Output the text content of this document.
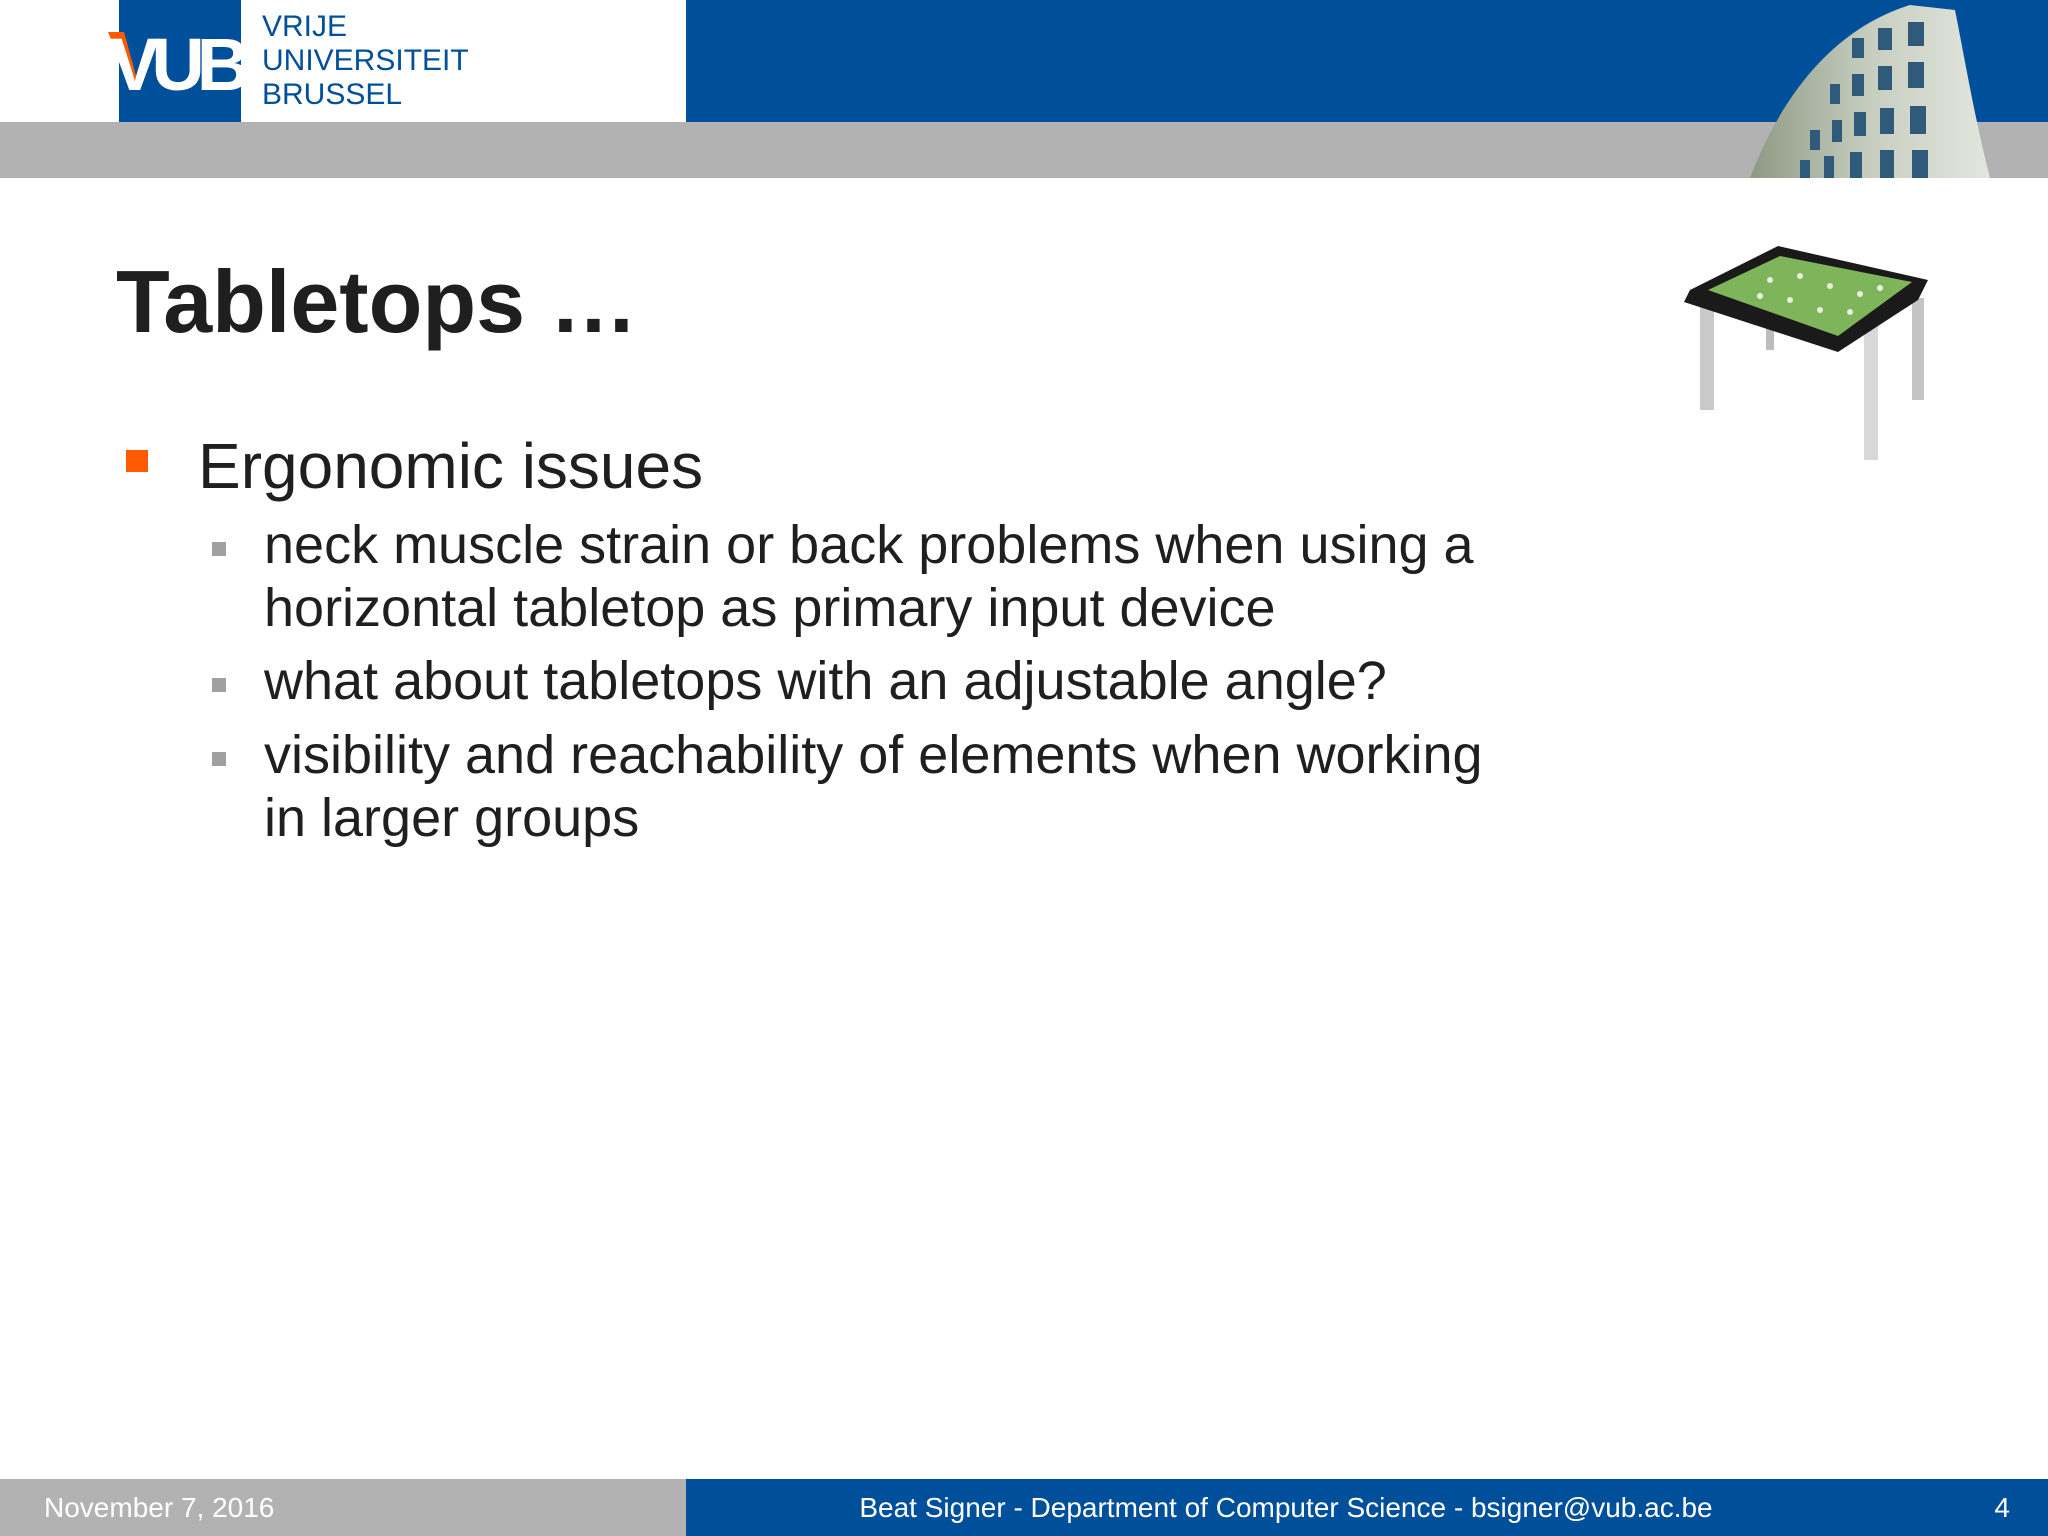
VUB VRIJE
UNIVERSITEIT
BRUSSEL
Tabletops …
Ergonomic issues
neck muscle strain or back problems when using a
horizontal tabletop as primary input device
what about tabletops with an adjustable angle?
visibility and reachability of elements when working
in larger groups
November 7, 2016	Beat Signer - Department of Computer Science - bsigner@vub.ac.be	4
